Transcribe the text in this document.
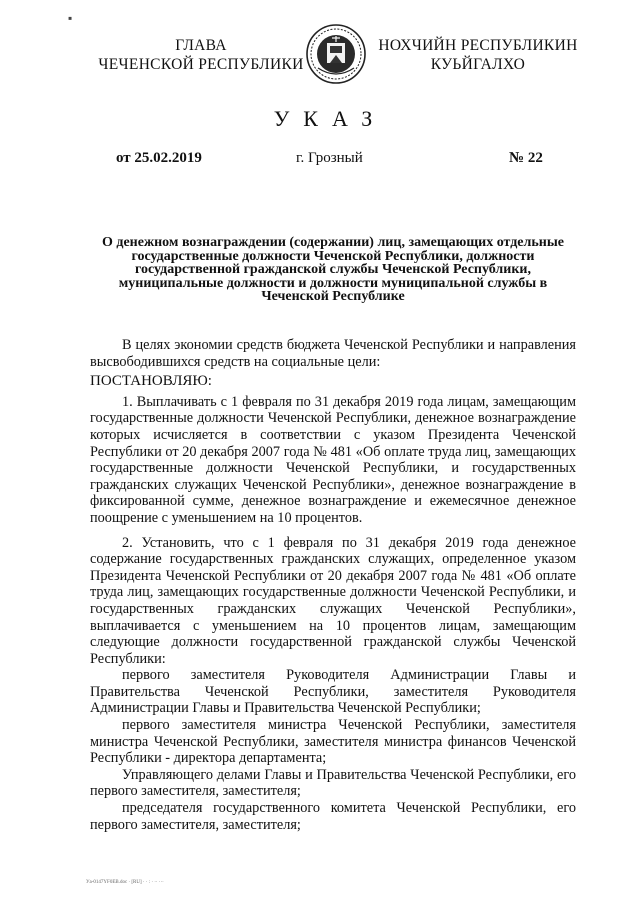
▪
ГЛАВА
ЧЕЧЕНСКОЙ РЕСПУБЛИКИ
НОХЧИЙН РЕСПУБЛИКИН
КУЬЙГАЛХО
УКАЗ
от 25.02.2019	г. Грозный	№ 22
О денежном вознаграждении (содержании) лиц, замещающих отдельные государственные должности Чеченской Республики, должности государственной гражданской службы Чеченской Республики, муниципальные должности и должности муниципальной службы в Чеченской Республике

В целях экономии средств бюджета Чеченской Республики и направления высвободившихся средств на социальные цели:

ПОСТАНОВЛЯЮ:

1. Выплачивать с 1 февраля по 31 декабря 2019 года лицам, замещающим государственные должности Чеченской Республики, денежное вознаграждение которых исчисляется в соответствии с указом Президента Чеченской Республики от 20 декабря 2007 года № 481 «Об оплате труда лиц, замещающих государственные должности Чеченской Республики, и государственных гражданских служащих Чеченской Республики», денежное вознаграждение в фиксированной сумме, денежное вознаграждение и ежемесячное денежное поощрение с уменьшением на 10 процентов.

2. Установить, что с 1 февраля по 31 декабря 2019 года денежное содержание государственных гражданских служащих, определенное указом Президента Чеченской Республики от 20 декабря 2007 года № 481 «Об оплате труда лиц, замещающих государственные должности Чеченской Республики, и государственных гражданских служащих Чеченской Республики», выплачивается с уменьшением на 10 процентов лицам, замещающим следующие должности государственной гражданской службы Чеченской Республики:

первого заместителя Руководителя Администрации Главы и Правительства Чеченской Республики, заместителя Руководителя Администрации Главы и Правительства Чеченской Республики;

первого заместителя министра Чеченской Республики, заместителя министра Чеченской Республики, заместителя министра финансов Чеченской Республики - директора департамента;

Управляющего делами Главы и Правительства Чеченской Республики, его первого заместителя, заместителя;

председателя государственного комитета Чеченской Республики, его первого заместителя, заместителя;

Уа-0147YF0EB.doc · [RU] · · : · ·· ···
